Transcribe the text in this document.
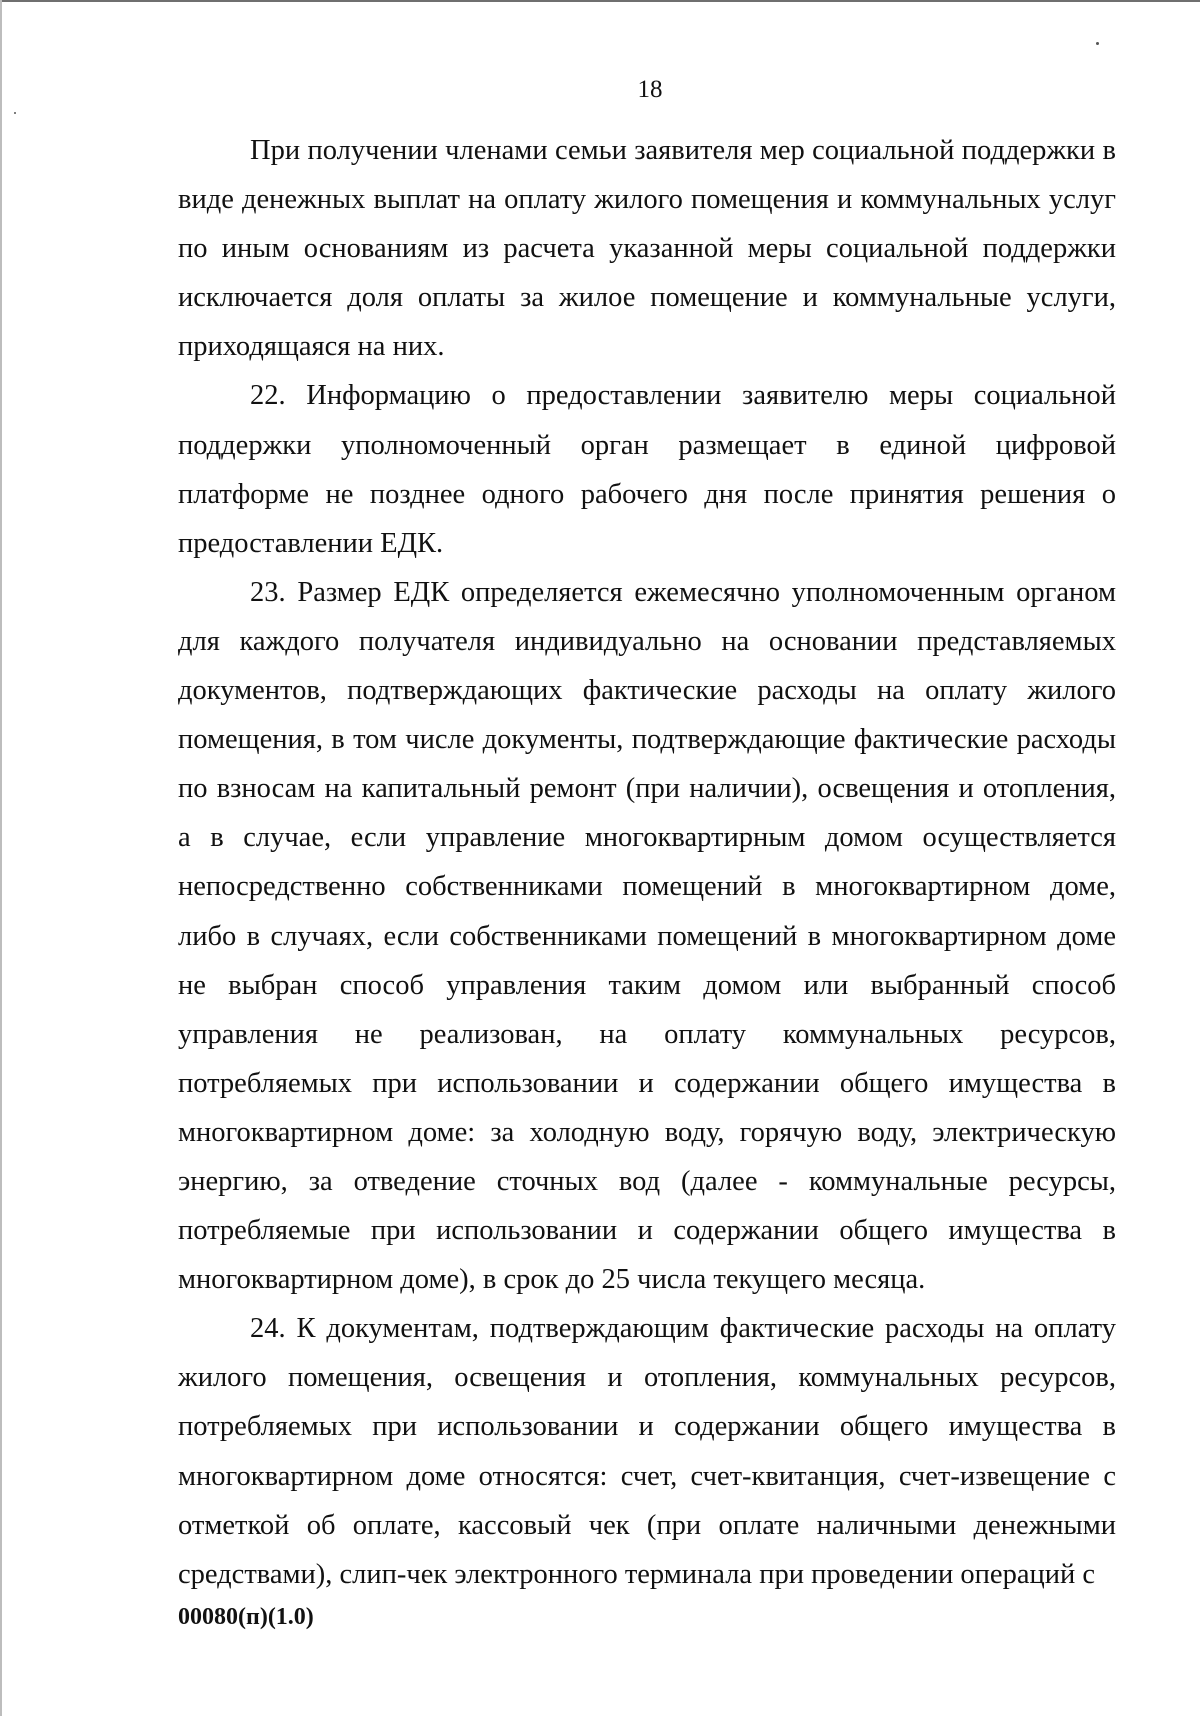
18

При получении членами семьи заявителя мер социальной поддержки в виде денежных выплат на оплату жилого помещения и коммунальных услуг по иным основаниям из расчета указанной меры социальной поддержки исключается доля оплаты за жилое помещение и коммунальные услуги, приходящаяся на них.

22. Информацию о предоставлении заявителю меры социальной поддержки уполномоченный орган размещает в единой цифровой платформе не позднее одного рабочего дня после принятия решения о предоставлении ЕДК.

23. Размер ЕДК определяется ежемесячно уполномоченным органом для каждого получателя индивидуально на основании представляемых документов, подтверждающих фактические расходы на оплату жилого помещения, в том числе документы, подтверждающие фактические расходы по взносам на капитальный ремонт (при наличии), освещения и отопления, а в случае, если управление многоквартирным домом осуществляется непосредственно собственниками помещений в многоквартирном доме, либо в случаях, если собственниками помещений в многоквартирном доме не выбран способ управления таким домом или выбранный способ управления не реализован, на оплату коммунальных ресурсов, потребляемых при использовании и содержании общего имущества в многоквартирном доме: за холодную воду, горячую воду, электрическую энергию, за отведение сточных вод (далее - коммунальные ресурсы, потребляемые при использовании и содержании общего имущества в многоквартирном доме), в срок до 25 числа текущего месяца.

24. К документам, подтверждающим фактические расходы на оплату жилого помещения, освещения и отопления, коммунальных ресурсов, потребляемых при использовании и содержании общего имущества в многоквартирном доме относятся: счет, счет-квитанция, счет-извещение с отметкой об оплате, кассовый чек (при оплате наличными денежными средствами), слип-чек электронного терминала при проведении операций с

00080(п)(1.0)
